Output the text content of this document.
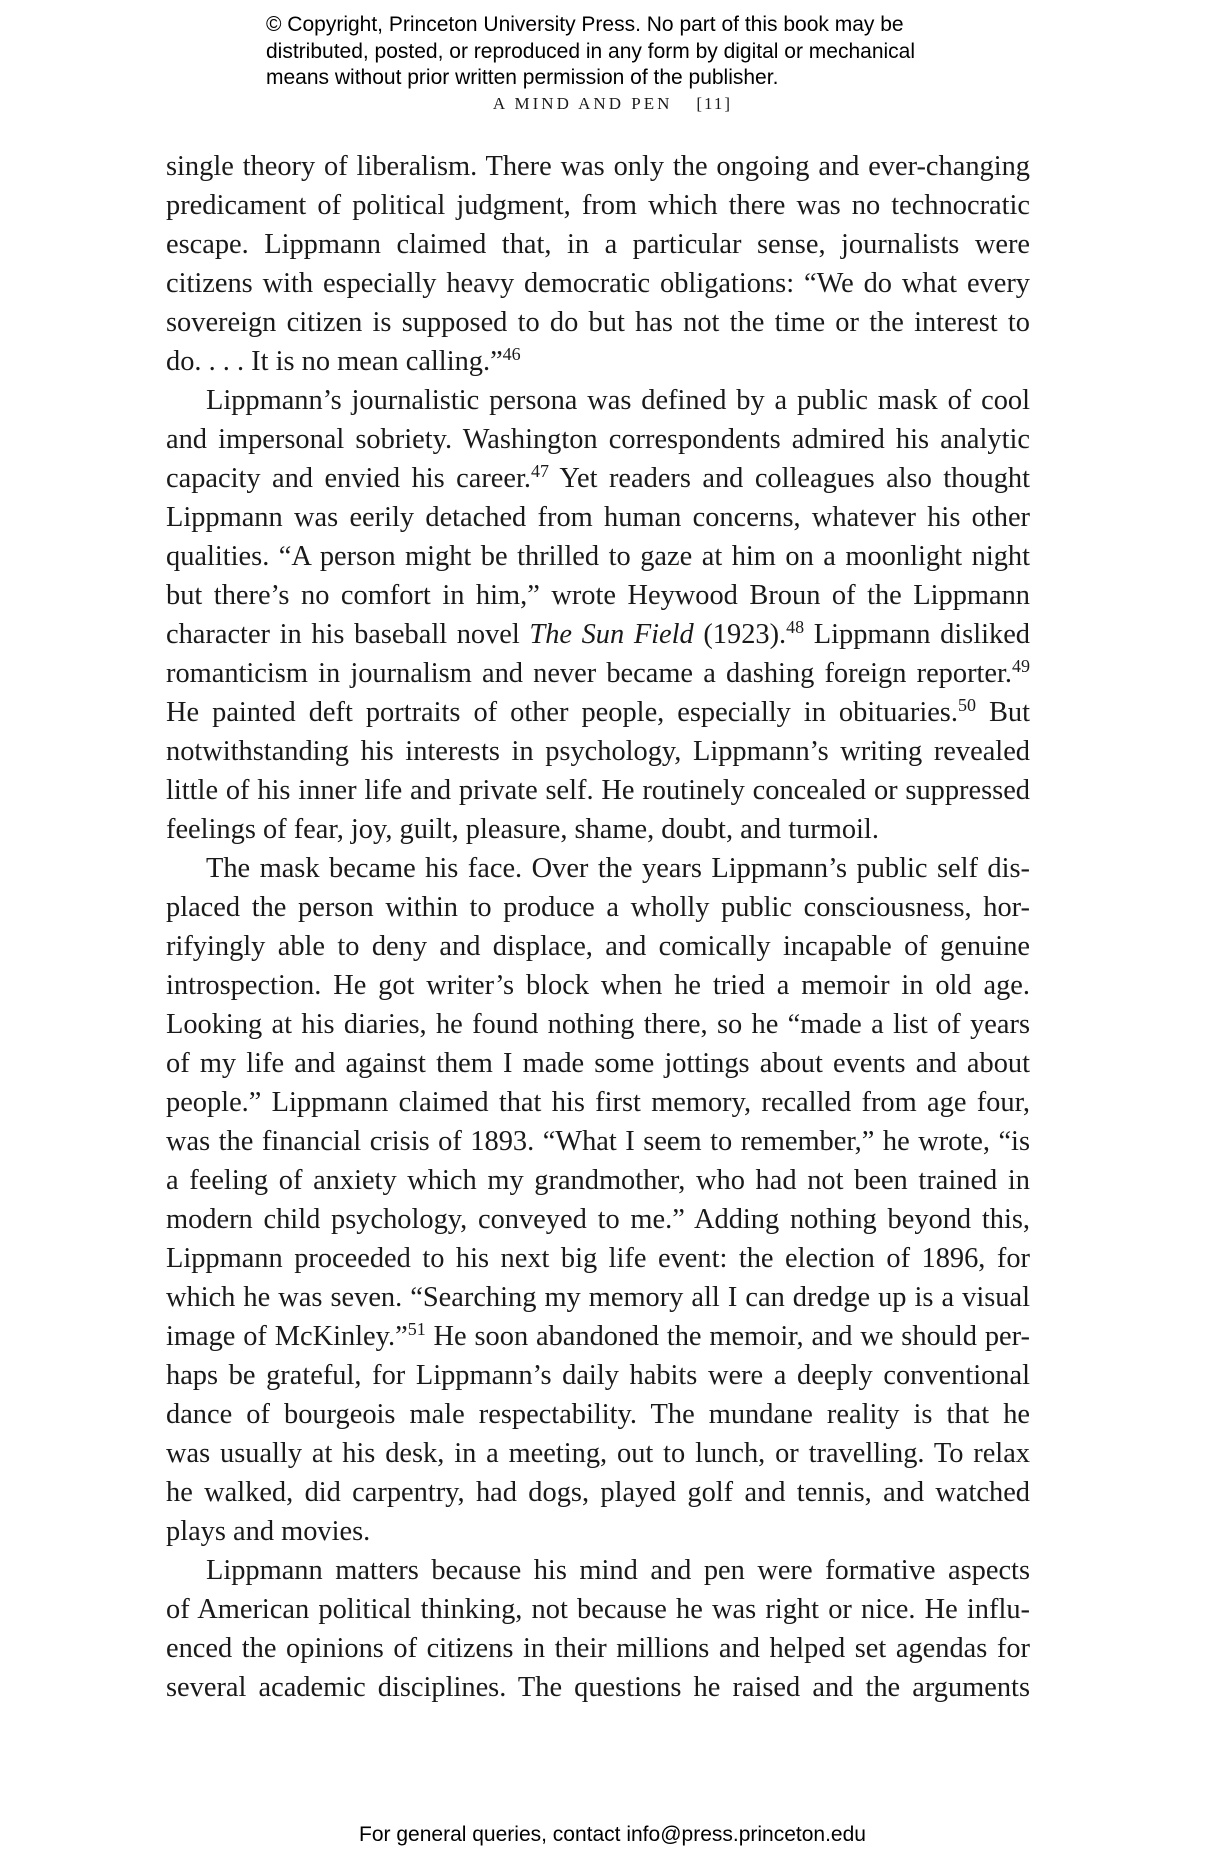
© Copyright, Princeton University Press. No part of this book may be
distributed, posted, or reproduced in any form by digital or mechanical
means without prior written permission of the publisher.
A MIND AND PEN [11]
single theory of liberalism. There was only the ongoing and ever-changing
predicament of political judgment, from which there was no technocratic
escape. Lippmann claimed that, in a particular sense, journalists were
citizens with especially heavy democratic obligations: “We do what every
sovereign citizen is supposed to do but has not the time or the interest to
do. . . . It is no mean calling.”$^{46}$
Lippmann’s journalistic persona was defined by a public mask of cool
and impersonal sobriety. Washington correspondents admired his analytic
capacity and envied his career.$^{47}$ Yet readers and colleagues also thought
Lippmann was eerily detached from human concerns, whatever his other
qualities. “A person might be thrilled to gaze at him on a moonlight night
but there’s no comfort in him,” wrote Heywood Broun of the Lippmann
character in his baseball novel The Sun Field (1923).$^{48}$ Lippmann disliked
romanticism in journalism and never became a dashing foreign reporter.$^{49}$
He painted deft portraits of other people, especially in obituaries.$^{50}$ But
notwithstanding his interests in psychology, Lippmann’s writing revealed
little of his inner life and private self. He routinely concealed or suppressed
feelings of fear, joy, guilt, pleasure, shame, doubt, and turmoil.
The mask became his face. Over the years Lippmann’s public self dis-
placed the person within to produce a wholly public consciousness, hor-
rifyingly able to deny and displace, and comically incapable of genuine
introspection. He got writer’s block when he tried a memoir in old age.
Looking at his diaries, he found nothing there, so he “made a list of years
of my life and against them I made some jottings about events and about
people.” Lippmann claimed that his first memory, recalled from age four,
was the financial crisis of 1893. “What I seem to remember,” he wrote, “is
a feeling of anxiety which my grandmother, who had not been trained in
modern child psychology, conveyed to me.” Adding nothing beyond this,
Lippmann proceeded to his next big life event: the election of 1896, for
which he was seven. “Searching my memory all I can dredge up is a visual
image of McKinley.”$^{51}$ He soon abandoned the memoir, and we should per-
haps be grateful, for Lippmann’s daily habits were a deeply conventional
dance of bourgeois male respectability. The mundane reality is that he
was usually at his desk, in a meeting, out to lunch, or travelling. To relax
he walked, did carpentry, had dogs, played golf and tennis, and watched
plays and movies.
Lippmann matters because his mind and pen were formative aspects
of American political thinking, not because he was right or nice. He influ-
enced the opinions of citizens in their millions and helped set agendas for
several academic disciplines. The questions he raised and the arguments
For general queries, contact info@press.princeton.edu
